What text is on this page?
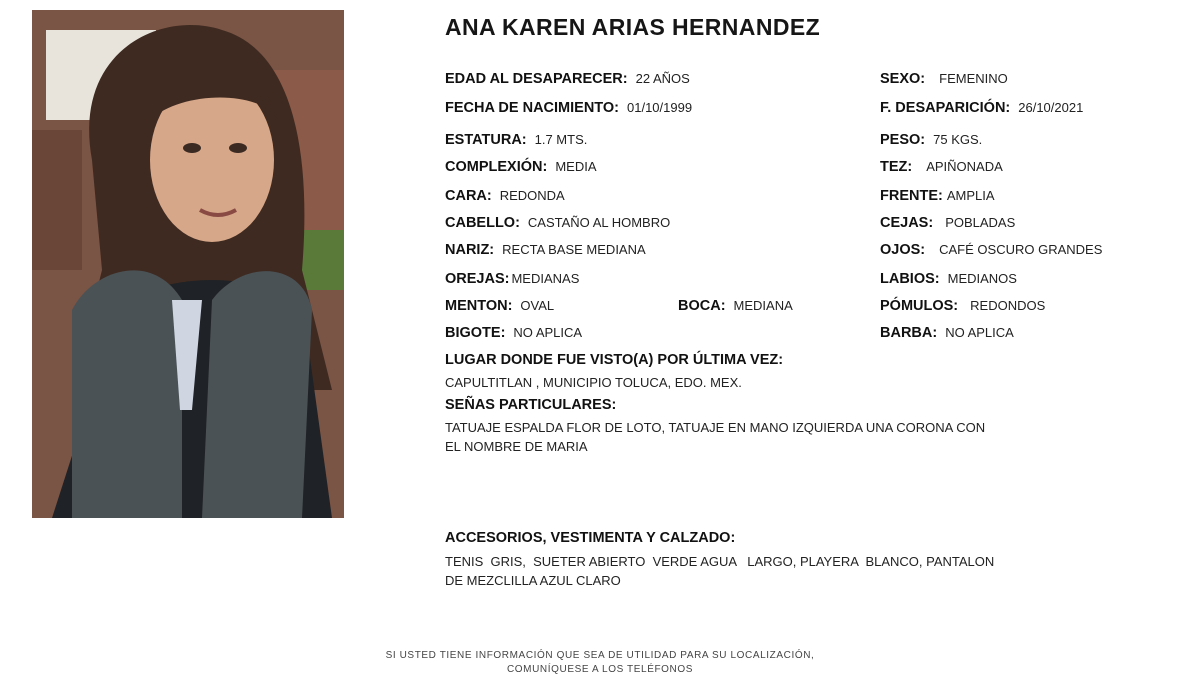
ANA KAREN ARIAS HERNANDEZ
EDAD AL DESAPARECER: 22 AÑOS
FECHA DE NACIMIENTO: 01/10/1999
ESTATURA: 1.7 MTS.
COMPLEXIÓN: MEDIA
CARA: REDONDA
CABELLO: CASTAÑO AL HOMBRO
NARIZ: RECTA BASE MEDIANA
OREJAS: MEDIANAS
MENTON: OVAL	BOCA: MEDIANA
BIGOTE: NO APLICA
SEXO: FEMENINO
F. DESAPARICIÓN: 26/10/2021
PESO: 75 KGS.
TEZ: APIÑONADA
FRENTE: AMPLIA
CEJAS: POBLADAS
OJOS: CAFÉ OSCURO GRANDES
LABIOS: MEDIANOS
PÓMULOS: REDONDOS
BARBA: NO APLICA
LUGAR DONDE FUE VISTO(A) POR ÚLTIMA VEZ:
CAPULTITLAN , MUNICIPIO TOLUCA, EDO. MEX.
SEÑAS PARTICULARES:
TATUAJE ESPALDA FLOR DE LOTO, TATUAJE EN MANO IZQUIERDA UNA CORONA CON
EL NOMBRE DE MARIA
ACCESORIOS, VESTIMENTA Y CALZADO:
TENIS  GRIS,  SUETER ABIERTO  VERDE AGUA   LARGO, PLAYERA  BLANCO, PANTALON
DE MEZCLILLA AZUL CLARO
SI USTED TIENE INFORMACIÓN QUE SEA DE UTILIDAD PARA SU LOCALIZACIÓN,
COMUNÍQUESE A LOS TELÉFONOS
